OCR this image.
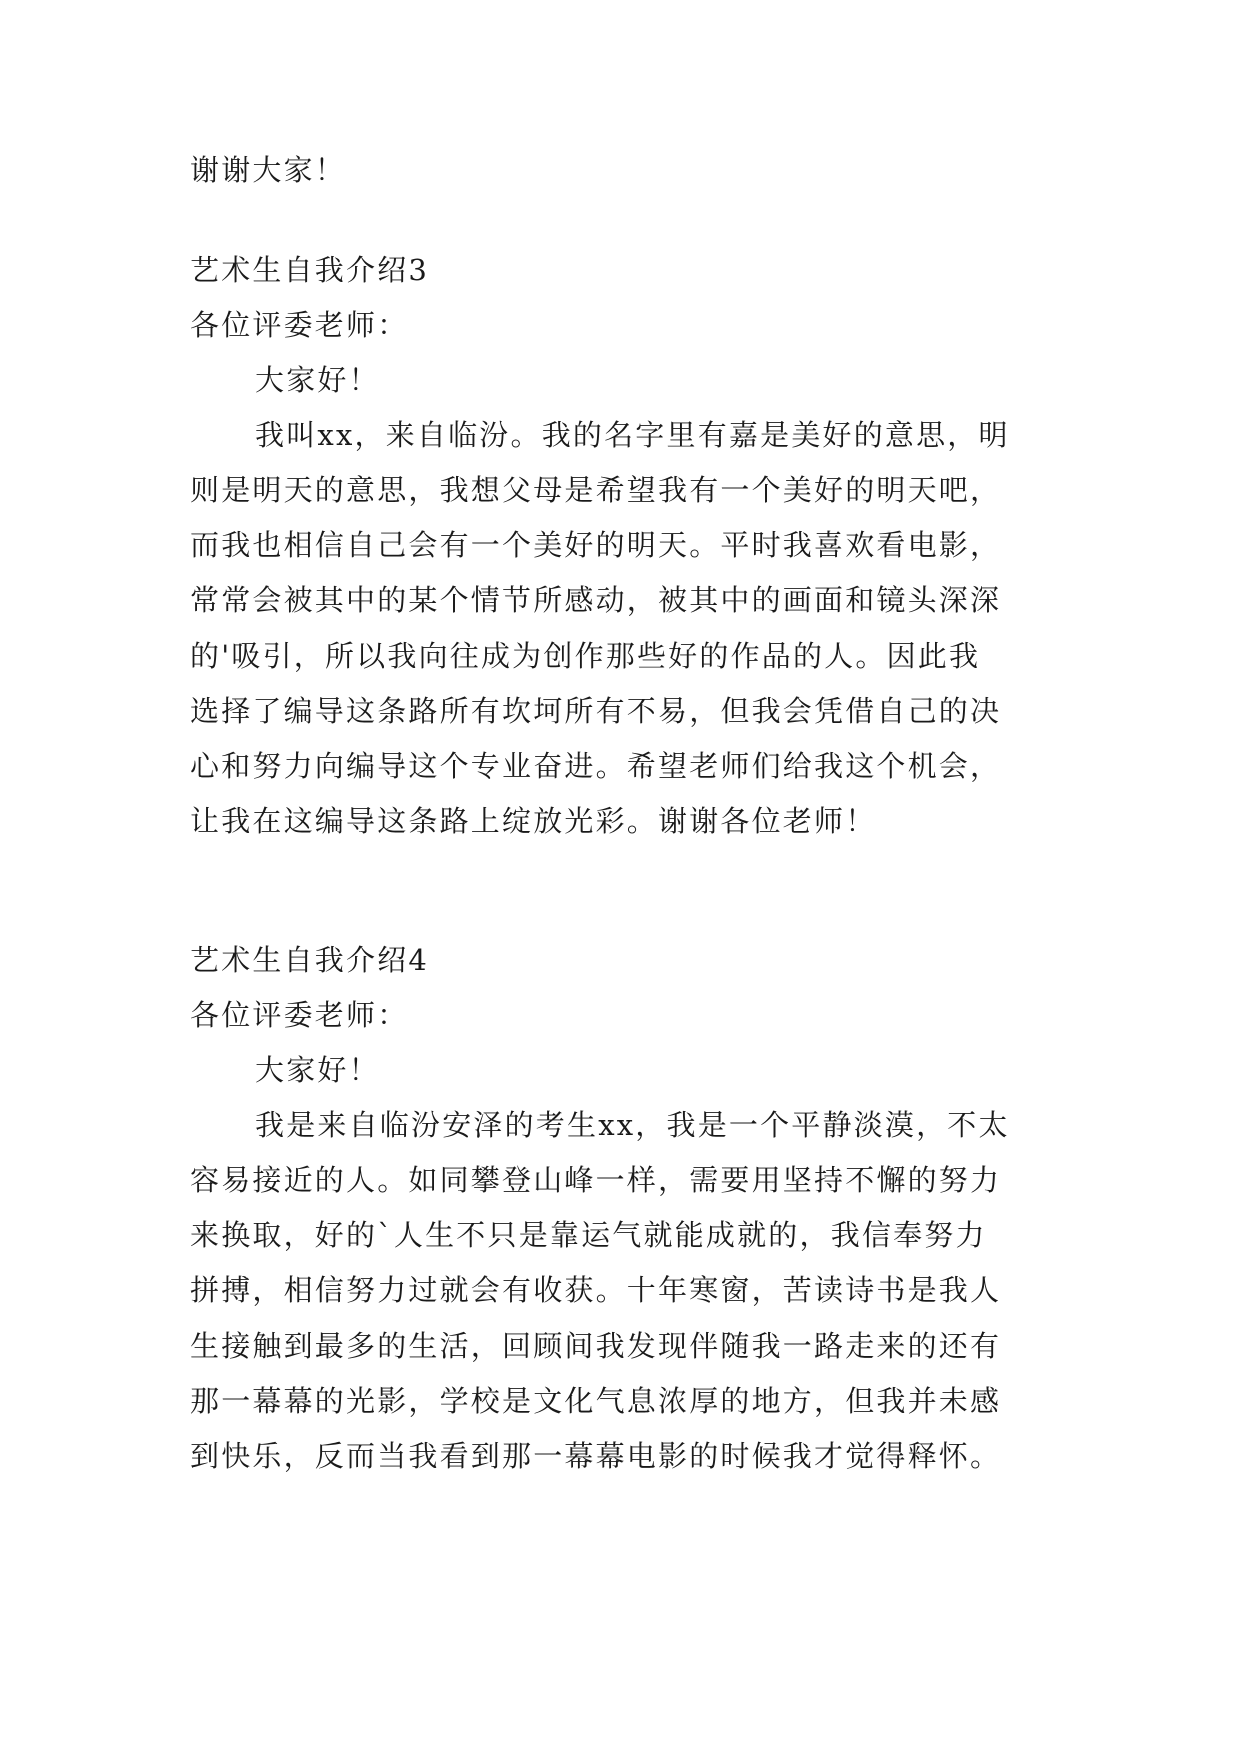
谢谢大家！
艺术生自我介绍3
各位评委老师：
大家好！
我叫xx，来自临汾。我的名字里有嘉是美好的意思，明
则是明天的意思，我想父母是希望我有一个美好的明天吧，
而我也相信自己会有一个美好的明天。平时我喜欢看电影，
常常会被其中的某个情节所感动，被其中的画面和镜头深深
的'吸引，所以我向往成为创作那些好的作品的人。因此我
选择了编导这条路所有坎坷所有不易，但我会凭借自己的决
心和努力向编导这个专业奋进。希望老师们给我这个机会，
让我在这编导这条路上绽放光彩。谢谢各位老师！
艺术生自我介绍4
各位评委老师：
大家好！
我是来自临汾安泽的考生xx，我是一个平静淡漠，不太
容易接近的人。如同攀登山峰一样，需要用坚持不懈的努力
来换取，好的`人生不只是靠运气就能成就的，我信奉努力
拼搏，相信努力过就会有收获。十年寒窗，苦读诗书是我人
生接触到最多的生活，回顾间我发现伴随我一路走来的还有
那一幕幕的光影，学校是文化气息浓厚的地方，但我并未感
到快乐，反而当我看到那一幕幕电影的时候我才觉得释怀。
